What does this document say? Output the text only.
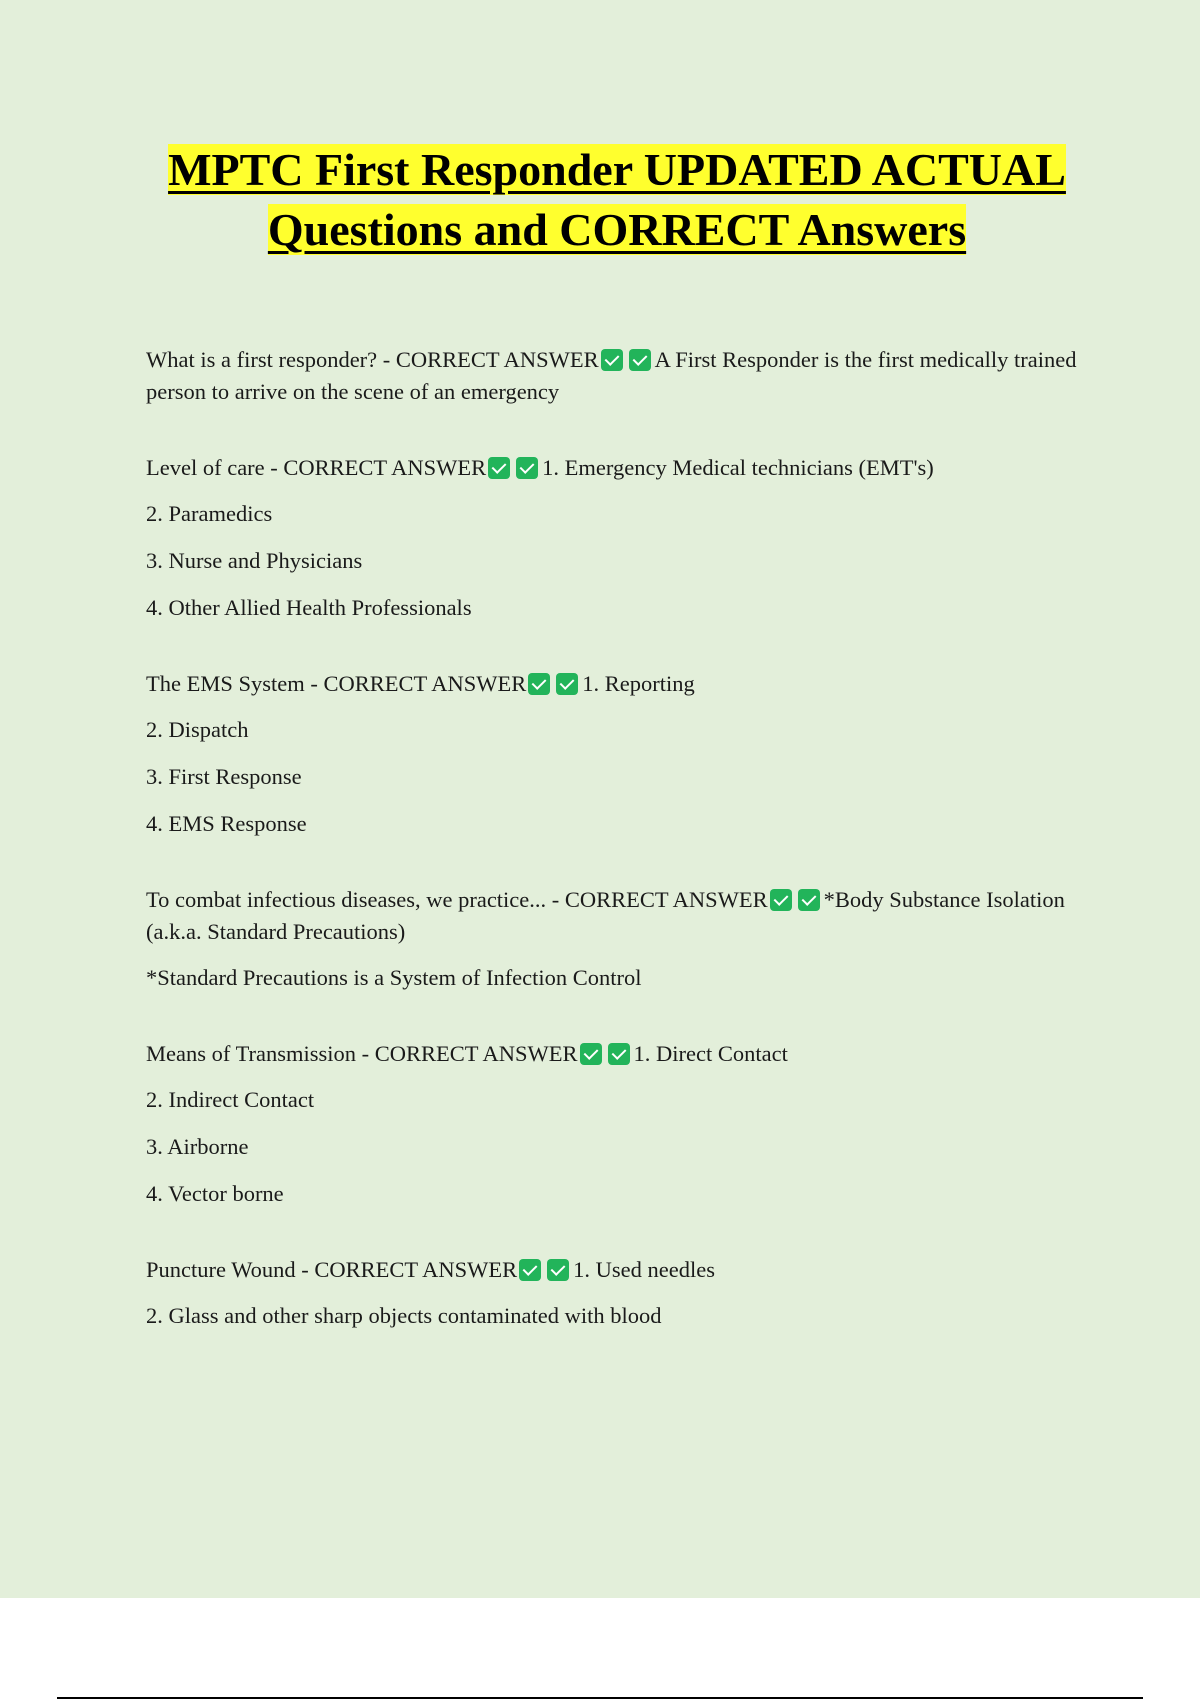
MPTC First Responder UPDATED ACTUAL Questions and CORRECT Answers

What is a first responder? - CORRECT ANSWER A First Responder is the first medically trained person to arrive on the scene of an emergency

Level of care - CORRECT ANSWER 1. Emergency Medical technicians (EMT's)

2. Paramedics

3. Nurse and Physicians

4. Other Allied Health Professionals

The EMS System - CORRECT ANSWER 1. Reporting

2. Dispatch

3. First Response

4. EMS Response

To combat infectious diseases, we practice... - CORRECT ANSWER *Body Substance Isolation (a.k.a. Standard Precautions)

*Standard Precautions is a System of Infection Control

Means of Transmission - CORRECT ANSWER 1. Direct Contact

2. Indirect Contact

3. Airborne

4. Vector borne

Puncture Wound - CORRECT ANSWER 1. Used needles

2. Glass and other sharp objects contaminated with blood
